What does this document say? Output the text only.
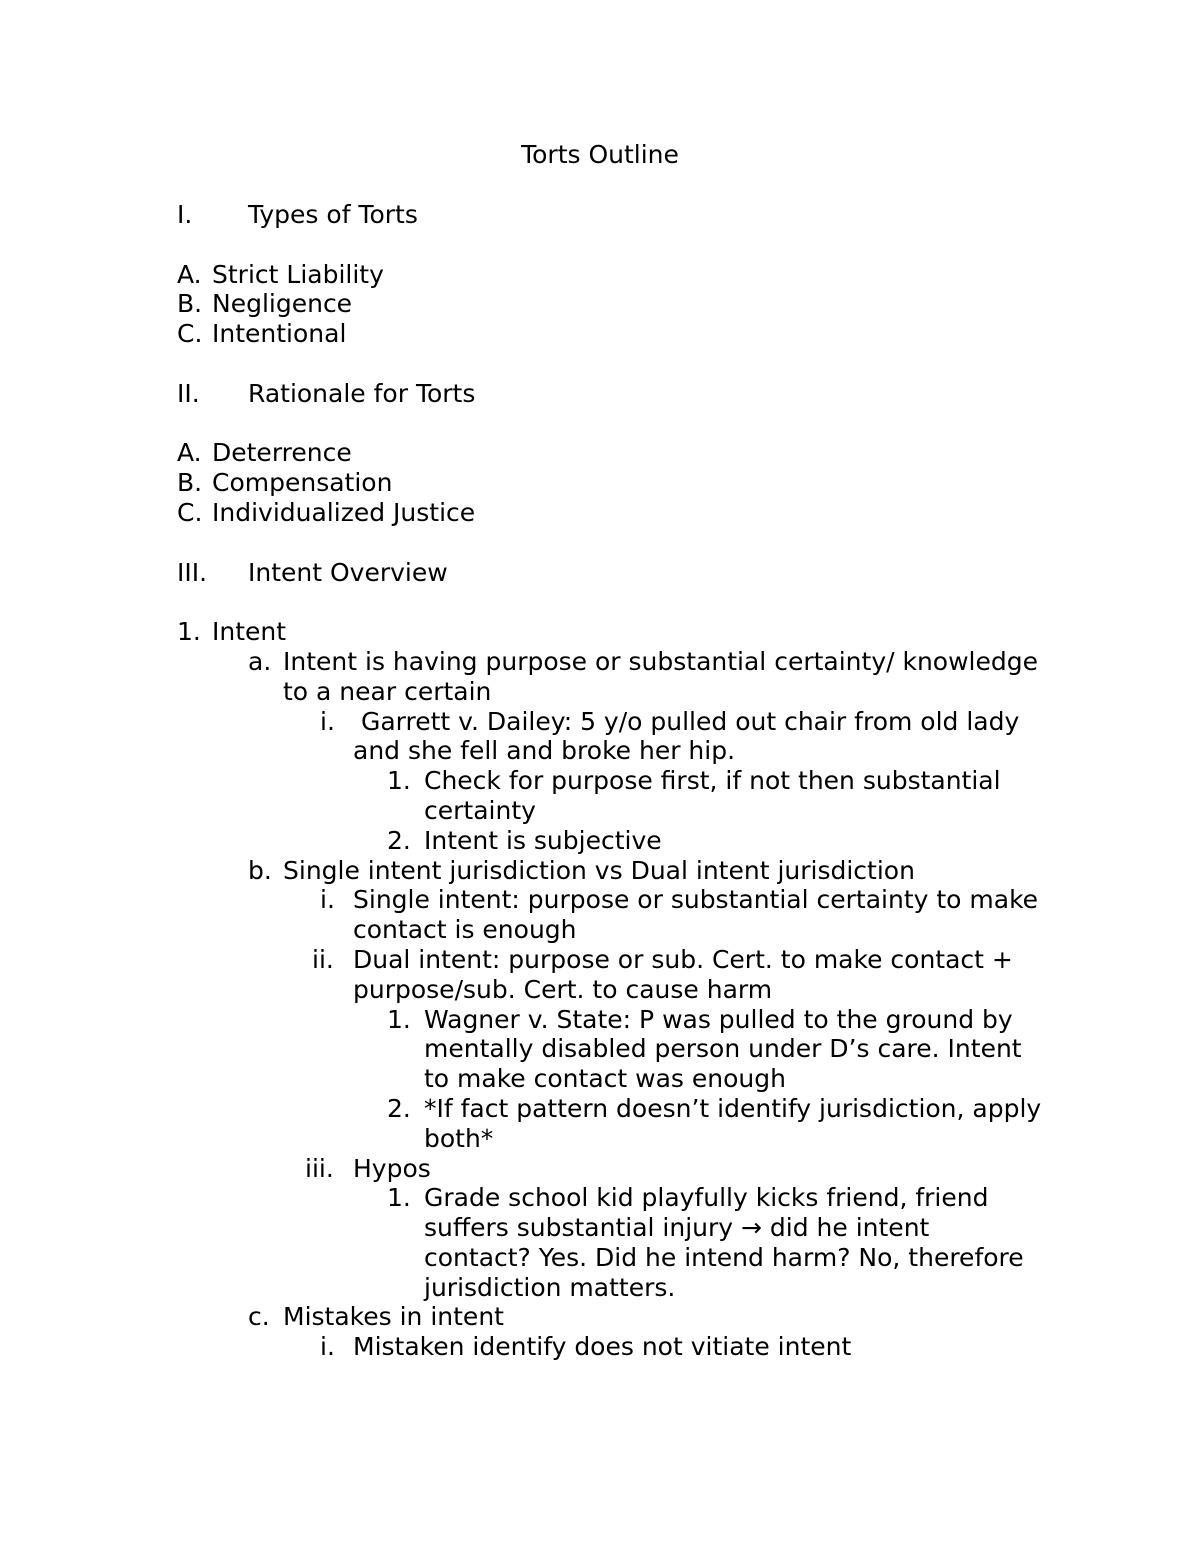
Torts Outline
I.	Types of Torts
A. Strict Liability
B. Negligence
C. Intentional
II.	Rationale for Torts
A. Deterrence
B. Compensation
C. Individualized Justice
III.	Intent Overview
1. Intent
a. Intent is having purpose or substantial certainty/ knowledge
to a near certain
i. Garrett v. Dailey: 5 y/o pulled out chair from old lady
and she fell and broke her hip.
1. Check for purpose first, if not then substantial
certainty
2. Intent is subjective
b. Single intent jurisdiction vs Dual intent jurisdiction
i. Single intent: purpose or substantial certainty to make
contact is enough
ii. Dual intent: purpose or sub. Cert. to make contact +
purpose/sub. Cert. to cause harm
1. Wagner v. State: P was pulled to the ground by
mentally disabled person under D’s care. Intent
to make contact was enough
2. *If fact pattern doesn’t identify jurisdiction, apply
both*
iii. Hypos
1. Grade school kid playfully kicks friend, friend
suffers substantial injury → did he intent
contact? Yes. Did he intend harm? No, therefore
jurisdiction matters.
c. Mistakes in intent
i. Mistaken identify does not vitiate intent
